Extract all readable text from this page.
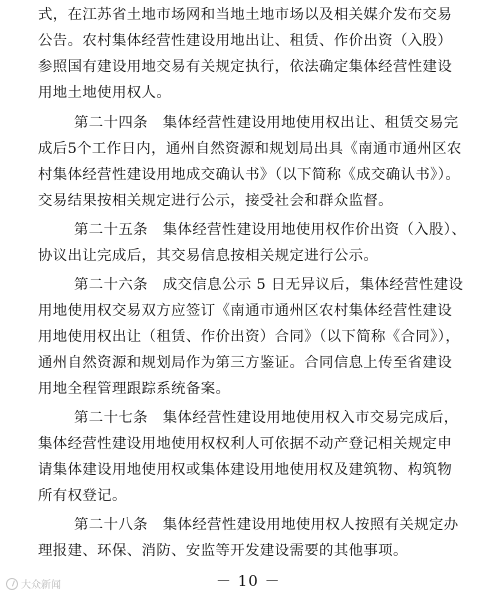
式，在江苏省土地市场网和当地土地市场以及相关媒介发布交易
公告。农村集体经营性建设用地出让、租赁、作价出资（入股）
参照国有建设用地交易有关规定执行，依法确定集体经营性建设
用地土地使用权人。
第二十四条　集体经营性建设用地使用权出让、租赁交易完
成后5个工作日内，通州自然资源和规划局出具《南通市通州区农
村集体经营性建设用地成交确认书》（以下简称《成交确认书》）。
交易结果按相关规定进行公示，接受社会和群众监督。
第二十五条　集体经营性建设用地使用权作价出资（入股）、
协议出让完成后，其交易信息按相关规定进行公示。
第二十六条　成交信息公示 5 日无异议后，集体经营性建设
用地使用权交易双方应签订《南通市通州区农村集体经营性建设
用地使用权出让（租赁、作价出资）合同》（以下简称《合同》），
通州自然资源和规划局作为第三方鉴证。合同信息上传至省建设
用地全程管理跟踪系统备案。
第二十七条　集体经营性建设用地使用权入市交易完成后，
集体经营性建设用地使用权权利人可依据不动产登记相关规定申
请集体建设用地使用权或集体建设用地使用权及建筑物、构筑物
所有权登记。
第二十八条　集体经营性建设用地使用权人按照有关规定办
理报建、环保、消防、安监等开发建设需要的其他事项。
－ 10 －
大众新闻
